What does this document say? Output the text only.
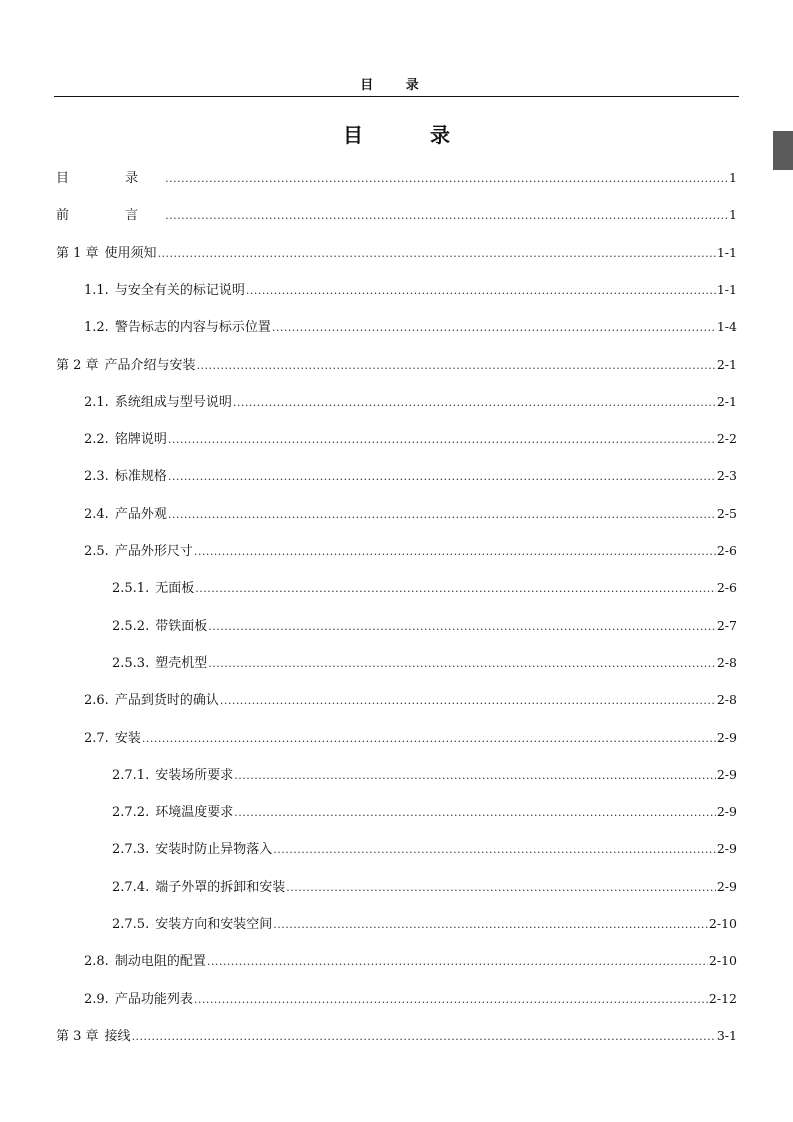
目 录
目 录
目 录 .....	1
前 言 .....	1
第 1 章 使用须知 .....	1-1
1.1. 与安全有关的标记说明 .....	1-1
1.2. 警告标志的内容与标示位置 .....	1-4
第 2 章 产品介绍与安装 .....	2-1
2.1. 系统组成与型号说明 .....	2-1
2.2. 铭牌说明 .....	2-2
2.3. 标准规格 .....	2-3
2.4. 产品外观 .....	2-5
2.5. 产品外形尺寸 .....	2-6
2.5.1. 无面板 .....	2-6
2.5.2. 带铁面板 .....	2-7
2.5.3. 塑壳机型 .....	2-8
2.6. 产品到货时的确认 .....	2-8
2.7. 安装 .....	2-9
2.7.1. 安装场所要求 .....	2-9
2.7.2. 环境温度要求 .....	2-9
2.7.3. 安装时防止异物落入 .....	2-9
2.7.4. 端子外罩的拆卸和安装 .....	2-9
2.7.5. 安装方向和安装空间 .....	2-10
2.8. 制动电阻的配置 .....	2-10
2.9. 产品功能列表 .....	2-12
第 3 章 接线 .....	3-1
